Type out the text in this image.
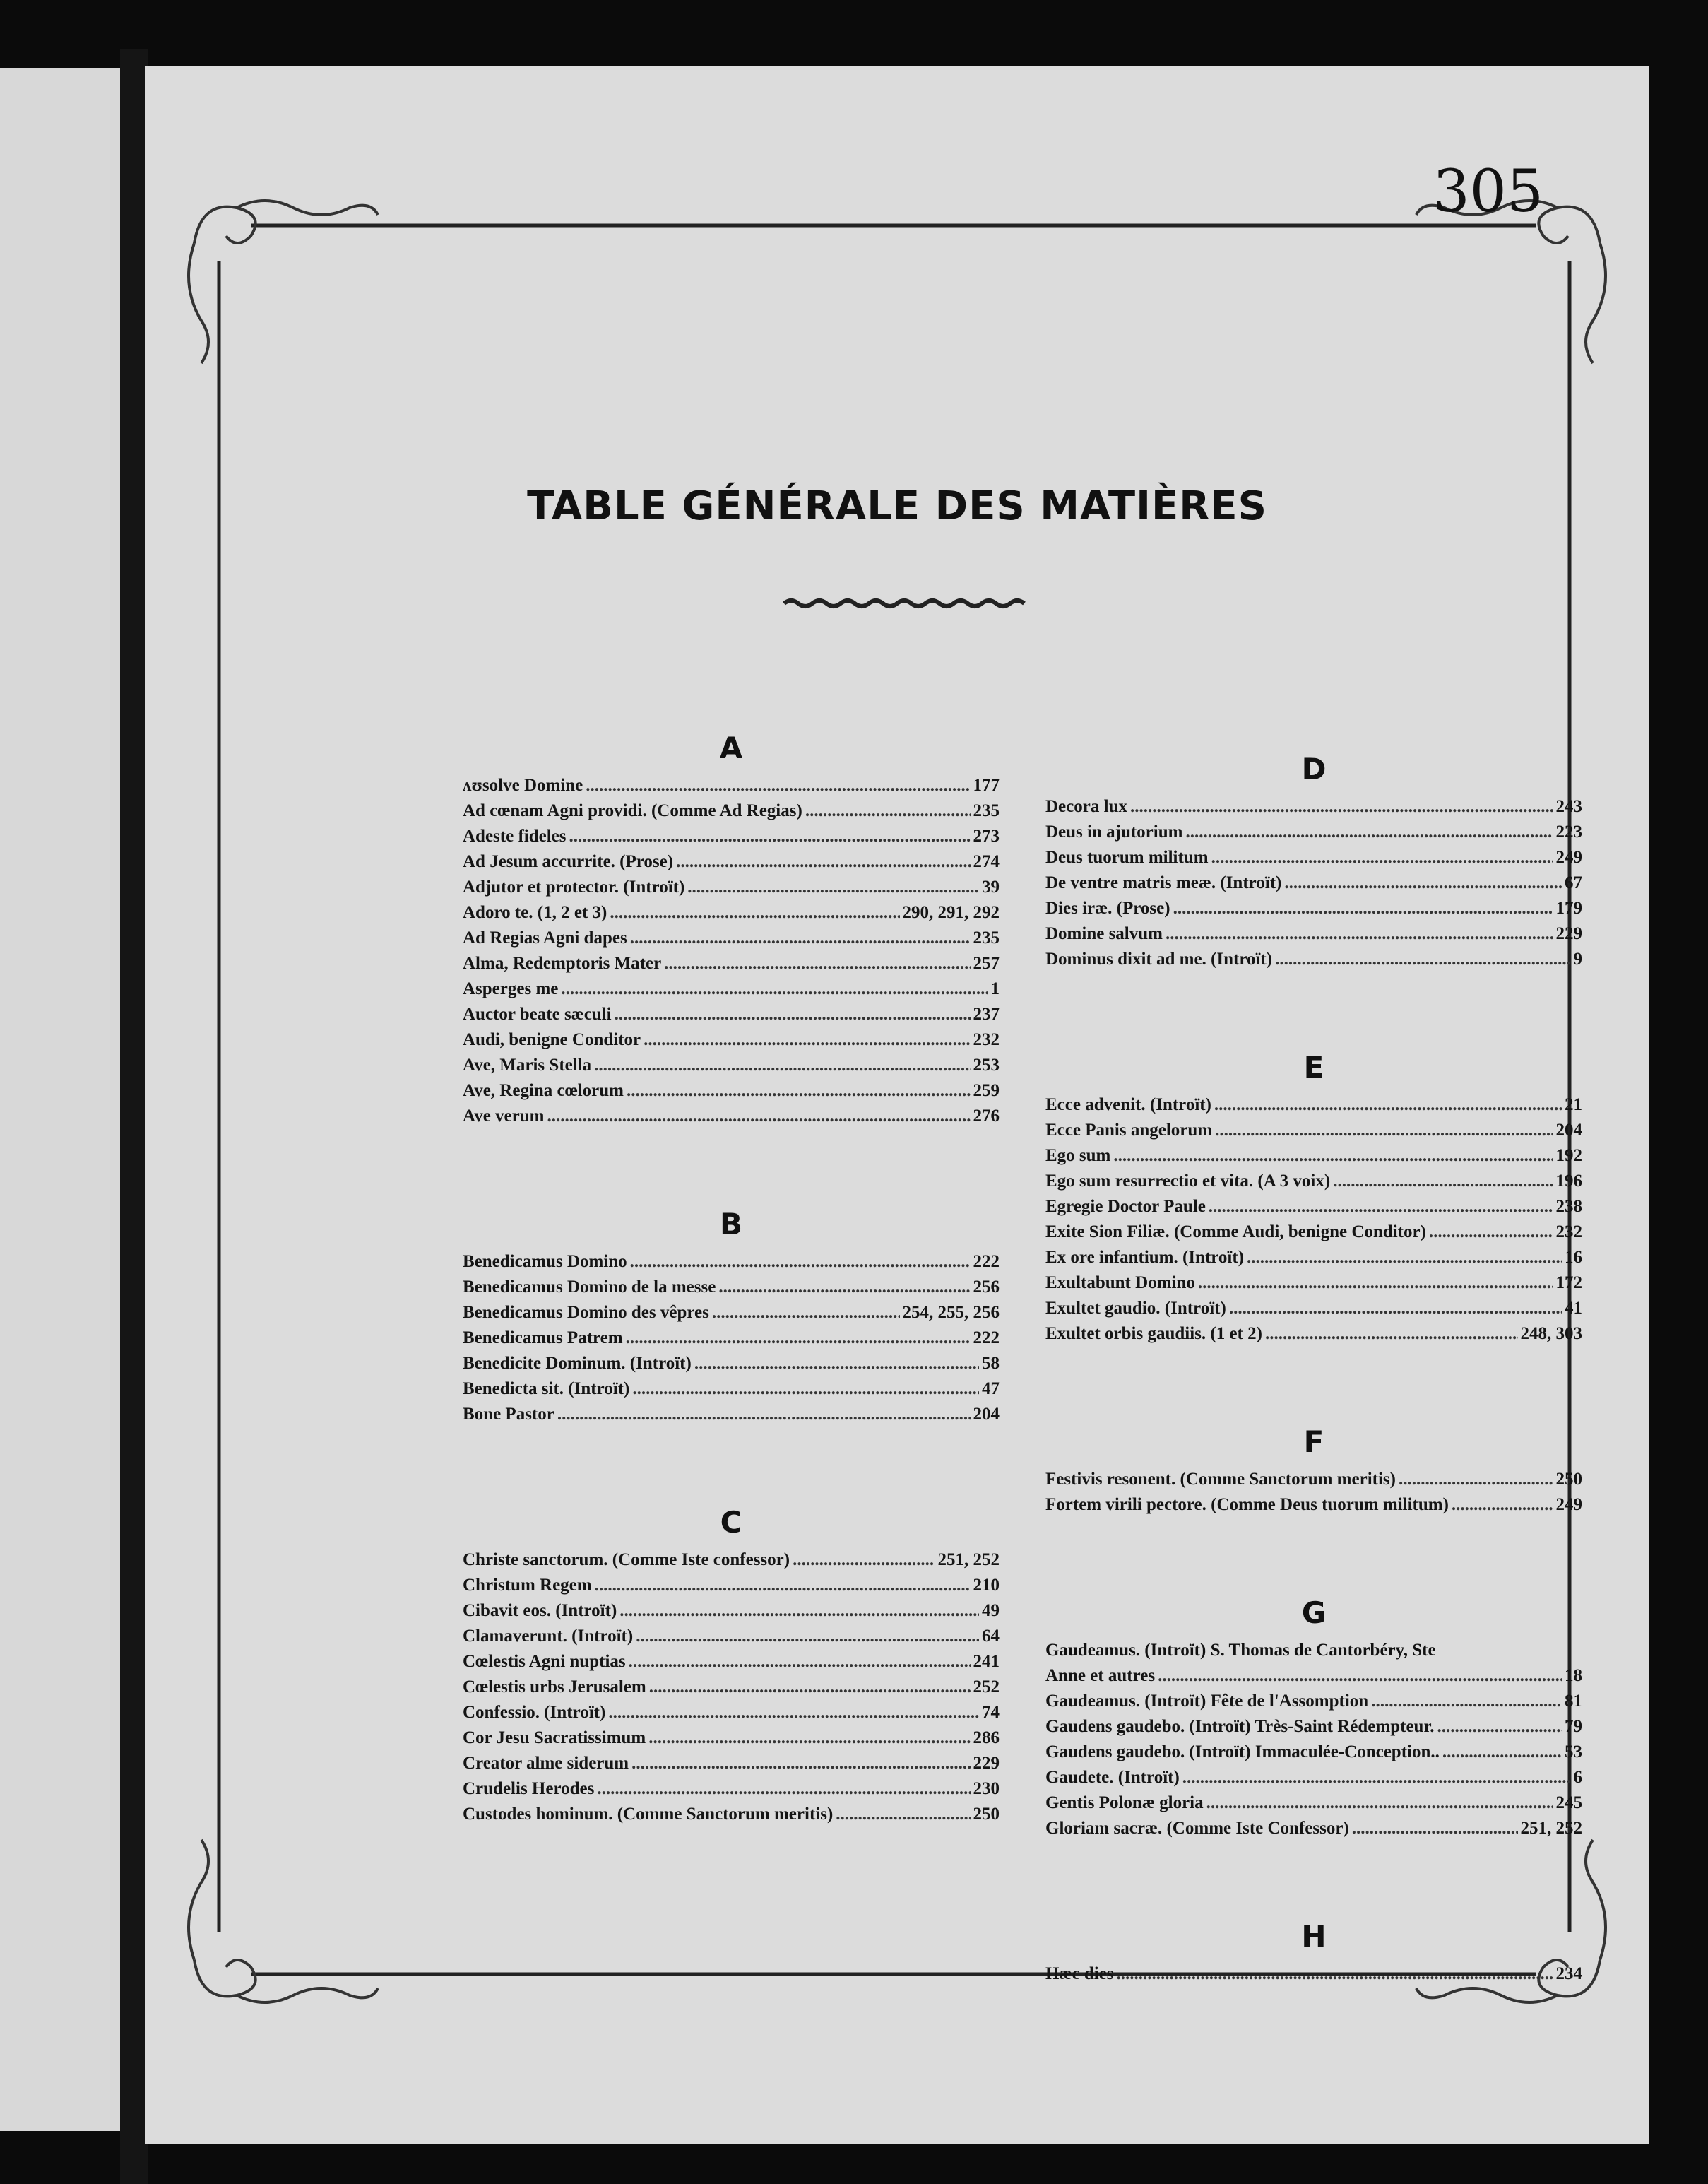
305
TABLE GÉNÉRALE DES MATIÈRES
A
ʌʊsolve Domine .....	177
Ad cœnam Agni providi. (Comme Ad Regias) .....	235
Adeste fideles .....	273
Ad Jesum accurrite. (Prose) .....	274
Adjutor et protector. (Introït) .....	39
Adoro te. (1, 2 et 3) .....	290, 291, 292
Ad Regias Agni dapes .....	235
Alma, Redemptoris Mater .....	257
Asperges me .....	1
Auctor beate sæculi .....	237
Audi, benigne Conditor .....	232
Ave, Maris Stella .....	253
Ave, Regina cœlorum .....	259
Ave verum .....	276
B
Benedicamus Domino .....	222
Benedicamus Domino de la messe .....	256
Benedicamus Domino des vêpres .....	254, 255, 256
Benedicamus Patrem .....	222
Benedicite Dominum. (Introït) .....	58
Benedicta sit. (Introït) .....	47
Bone Pastor .....	204
C
Christe sanctorum. (Comme Iste confessor) .....	251, 252
Christum Regem .....	210
Cibavit eos. (Introït) .....	49
Clamaverunt. (Introït) .....	64
Cœlestis Agni nuptias .....	241
Cœlestis urbs Jerusalem .....	252
Confessio. (Introït) .....	74
Cor Jesu Sacratissimum .....	286
Creator alme siderum .....	229
Crudelis Herodes .....	230
Custodes hominum. (Comme Sanctorum meritis) .....	250
D
Decora lux .....	243
Deus in ajutorium .....	223
Deus tuorum militum .....	249
De ventre matris meæ. (Introït) .....	67
Dies iræ. (Prose) .....	179
Domine salvum .....	229
Dominus dixit ad me. (Introït) .....	9
E
Ecce advenit. (Introït) .....	21
Ecce Panis angelorum .....	204
Ego sum .....	192
Ego sum resurrectio et vita. (A 3 voix) .....	196
Egregie Doctor Paule .....	238
Exite Sion Filiæ. (Comme Audi, benigne Conditor) .....	232
Ex ore infantium. (Introït) .....	16
Exultabunt Domino .....	172
Exultet gaudio. (Introït) .....	41
Exultet orbis gaudiis. (1 et 2) .....	248, 303
F
Festivis resonent. (Comme Sanctorum meritis) .....	250
Fortem virili pectore. (Comme Deus tuorum militum) .....	249
G
Gaudeamus. (Introït) S. Thomas de Cantorbéry, Ste
Anne et autres .....	18
Gaudeamus. (Introït) Fête de l'Assomption .....	81
Gaudens gaudebo. (Introït) Très-Saint Rédempteur. .....	79
Gaudens gaudebo. (Introït) Immaculée-Conception.. .....	53
Gaudete. (Introït) .....	6
Gentis Polonæ gloria .....	245
Gloriam sacræ. (Comme Iste Confessor) .....	251, 252
H
Hæc dies .....	234
